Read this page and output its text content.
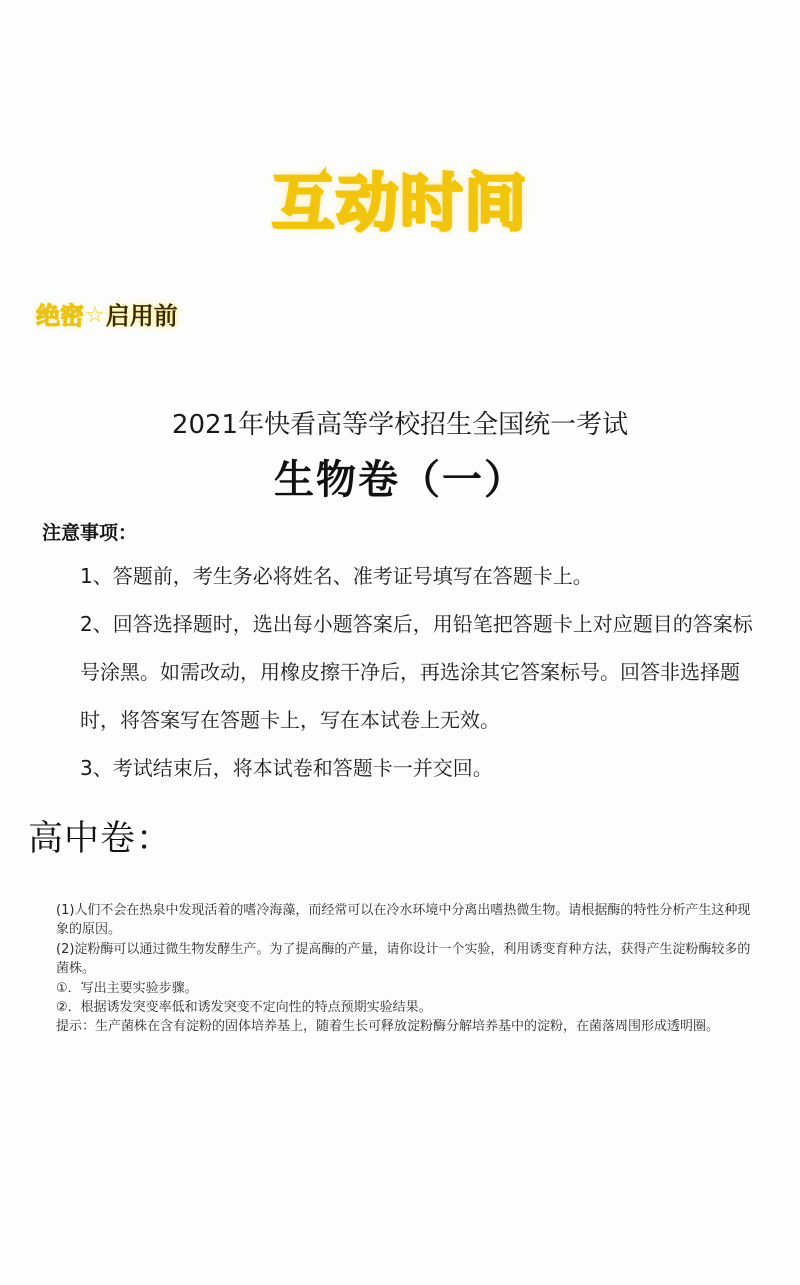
互动时间
绝密 ☆ 启用前
2021年快看高等学校招生全国统一考试
生物卷（一）
注意事项：

1、答题前，考生务必将姓名、准考证号填写在答题卡上。

2、回答选择题时，选出每小题答案后，用铅笔把答题卡上对应题目的答案标号涂黑。如需改动，用橡皮擦干净后，再选涂其它答案标号。回答非选择题时，将答案写在答题卡上，写在本试卷上无效。

3、考试结束后，将本试卷和答题卡一并交回。

高中卷：

(1)人们不会在热泉中发现活着的嗜冷海藻，而经常可以在冷水环境中分离出嗜热微生物。请根据酶的特性分析产生这种现象的原因。

(2)淀粉酶可以通过微生物发酵生产。为了提高酶的产量，请你设计一个实验，利用诱变育种方法，获得产生淀粉酶较多的菌株。

①．写出主要实验步骤。

②．根据诱发突变率低和诱发突变不定向性的特点预期实验结果。

提示：生产菌株在含有淀粉的固体培养基上，随着生长可释放淀粉酶分解培养基中的淀粉，在菌落周围形成透明圈。
